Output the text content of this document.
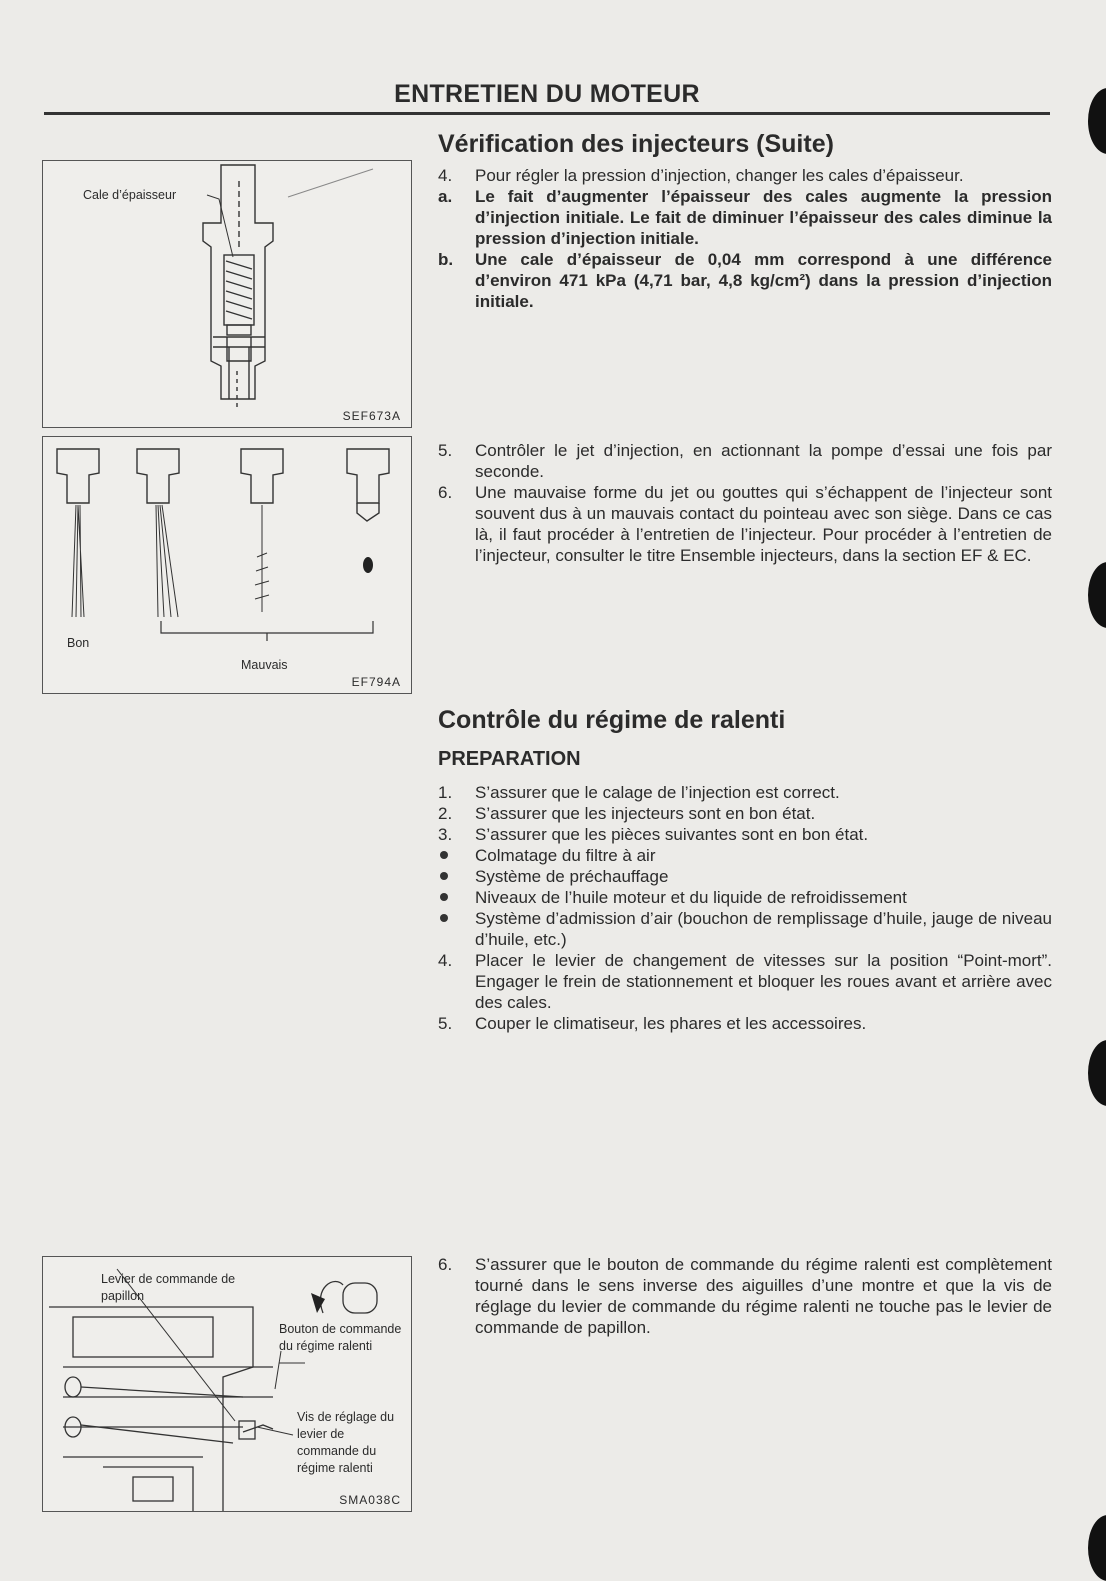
ENTRETIEN DU MOTEUR
Cale d’épaisseur
SEF673A
Bon
Mauvais
EF794A
Levier de commande de papillon
Bouton de commande du régime ralenti
Vis de réglage du levier de commande du régime ralenti
SMA038C
Vérification des injecteurs (Suite)
4. Pour régler la pression d’injection, changer les cales d’épaisseur.
a. Le fait d’augmenter l’épaisseur des cales augmente la pression d’injection initiale. Le fait de diminuer l’épaisseur des cales diminue la pression d’injection initiale.
b. Une cale d’épaisseur de 0,04 mm correspond à une différence d’environ 471 kPa (4,71 bar, 4,8 kg/cm²) dans la pression d’injection initiale.
5. Contrôler le jet d’injection, en actionnant la pompe d’essai une fois par seconde.
6. Une mauvaise forme du jet ou gouttes qui s’échappent de l’injecteur sont souvent dus à un mauvais contact du pointeau avec son siège. Dans ce cas là, il faut procéder à l’entretien de l’injecteur. Pour procéder à l’entretien de l’injecteur, consulter le titre Ensemble injecteurs, dans la section EF & EC.
Contrôle du régime de ralenti
PREPARATION
1. S’assurer que le calage de l’injection est correct.
2. S’assurer que les injecteurs sont en bon état.
3. S’assurer que les pièces suivantes sont en bon état.
Colmatage du filtre à air
Système de préchauffage
Niveaux de l’huile moteur et du liquide de refroidissement
Système d’admission d’air (bouchon de remplissage d’huile, jauge de niveau d’huile, etc.)
4. Placer le levier de changement de vitesses sur la position “Point-mort”. Engager le frein de stationnement et bloquer les roues avant et arrière avec des cales.
5. Couper le climatiseur, les phares et les accessoires.
6. S’assurer que le bouton de commande du régime ralenti est complètement tourné dans le sens inverse des aiguilles d’une montre et que la vis de réglage du levier de commande du régime ralenti ne touche pas le levier de commande de papillon.
